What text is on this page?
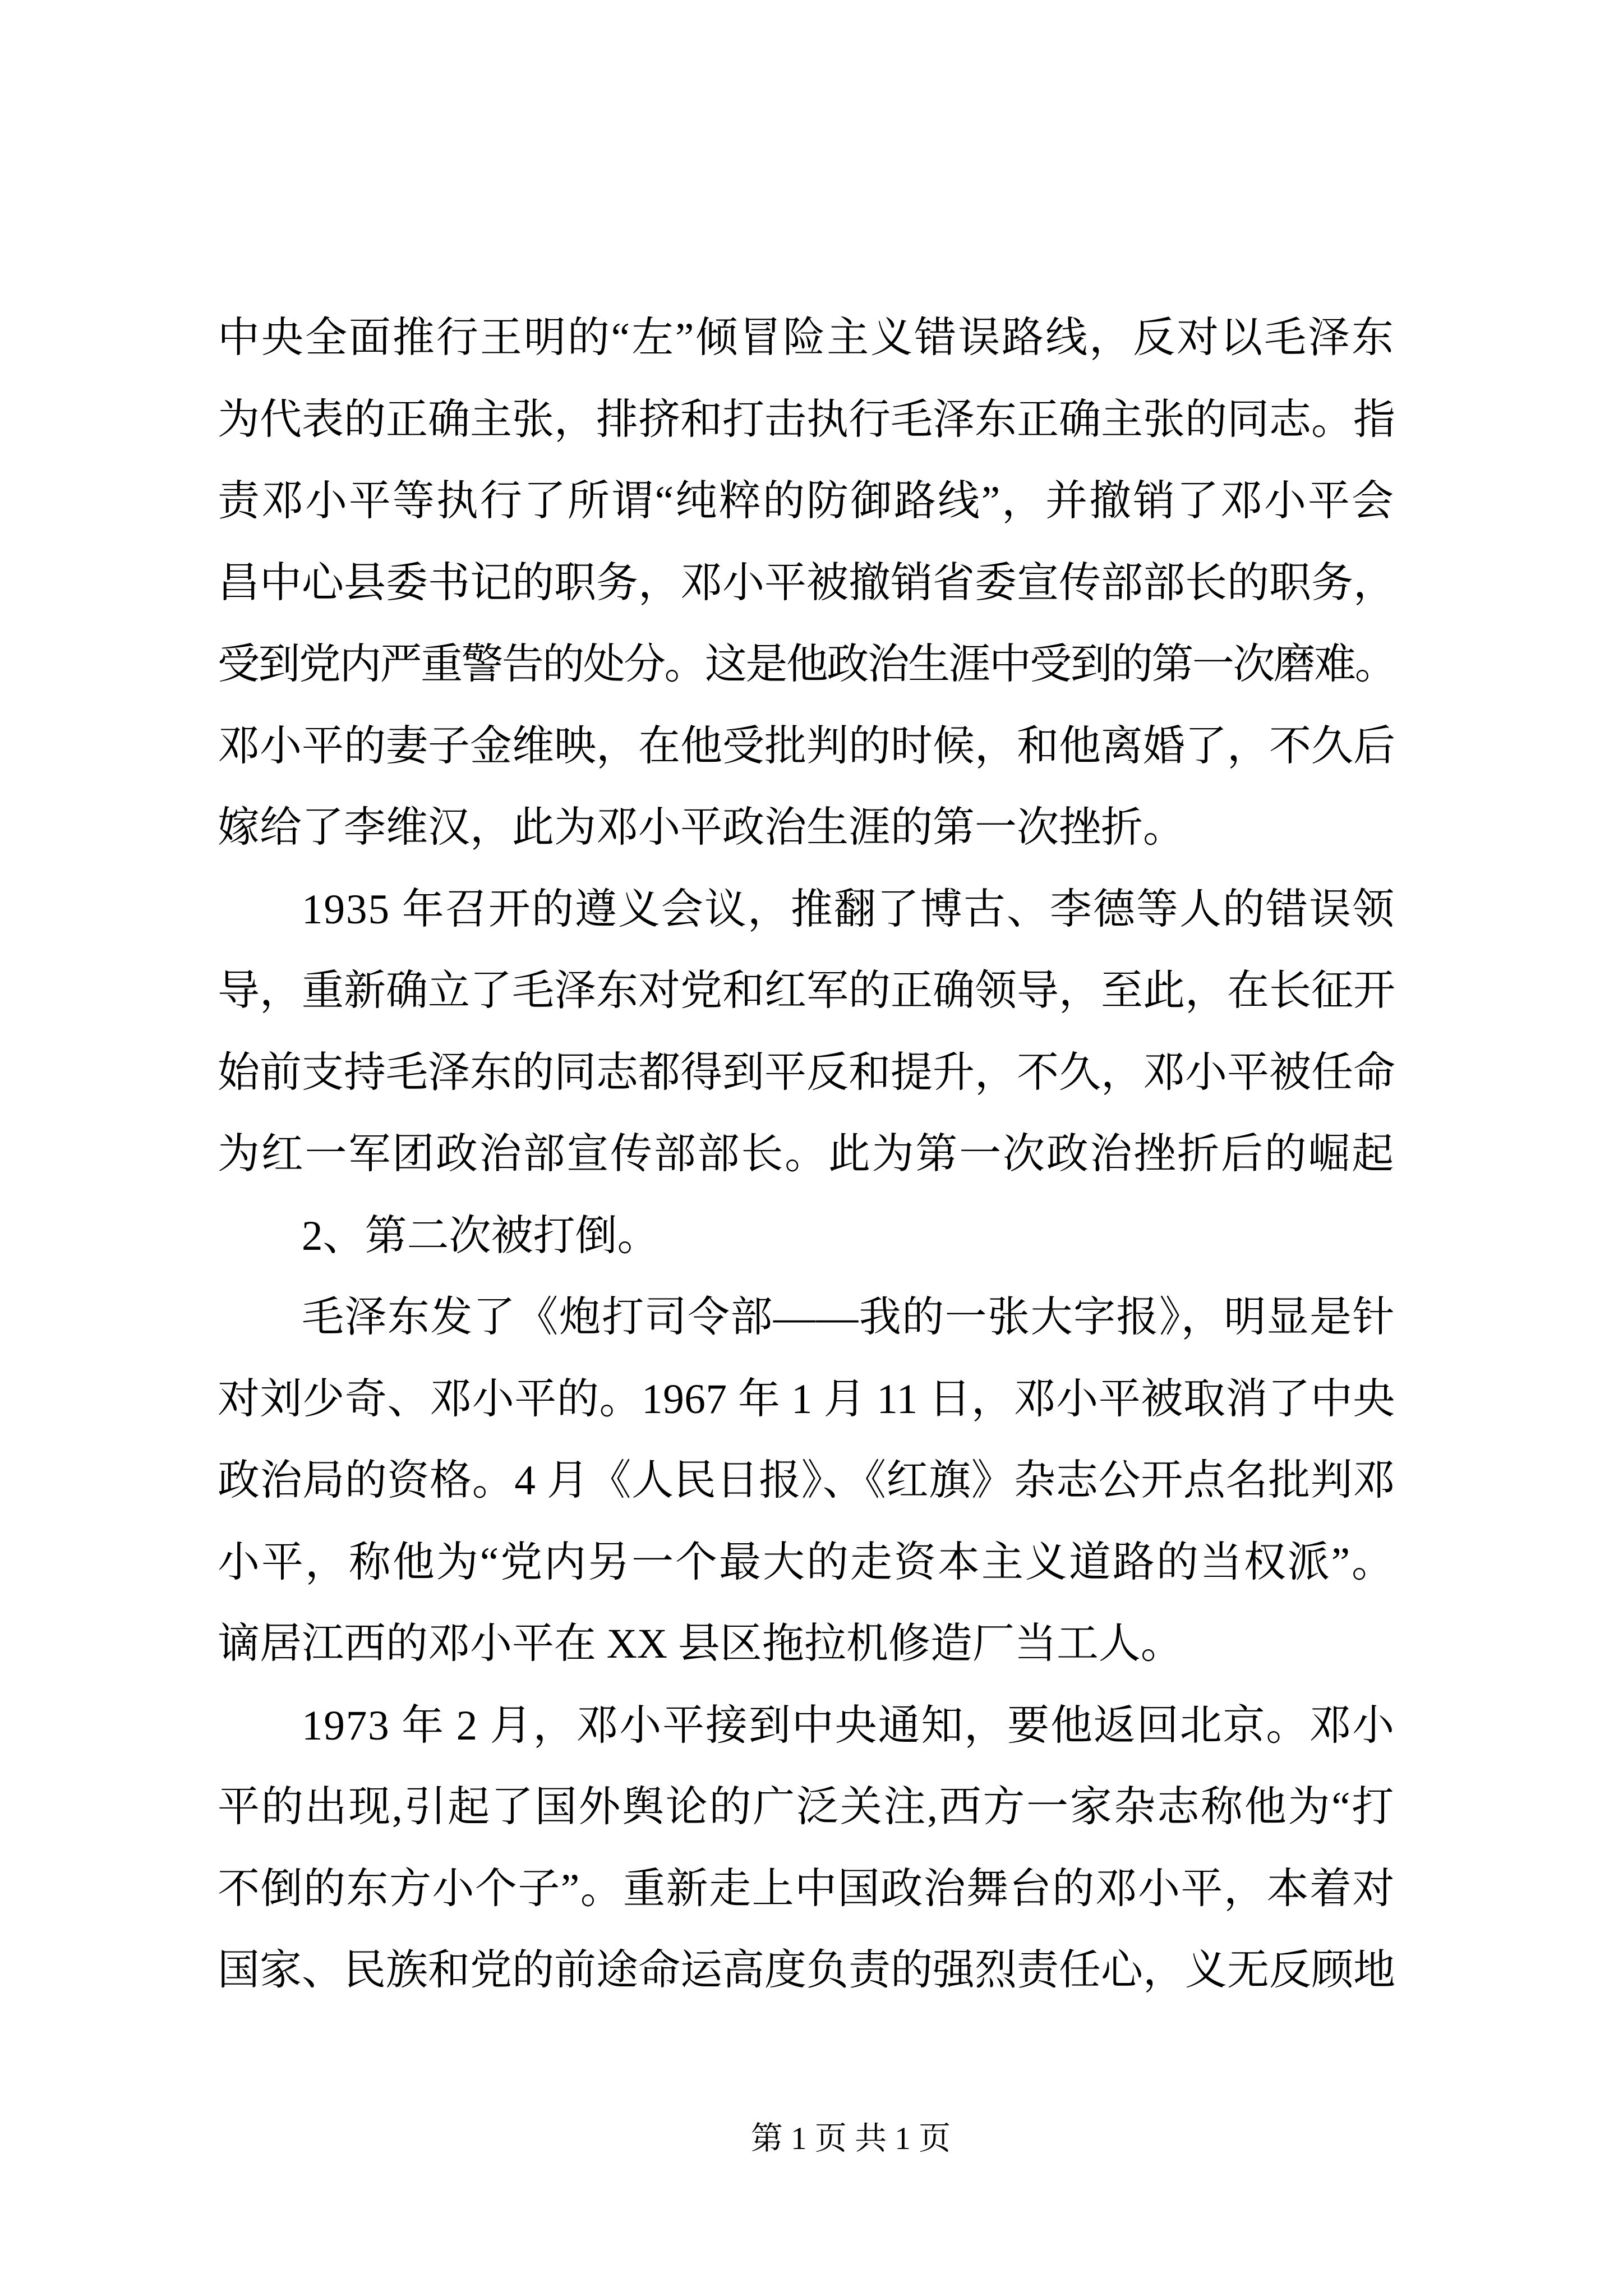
中央全面推行王明的“左”倾冒险主义错误路线，反对以毛泽东
为代表的正确主张，排挤和打击执行毛泽东正确主张的同志。指
责邓小平等执行了所谓“纯粹的防御路线”，并撤销了邓小平会
昌中心县委书记的职务，邓小平被撤销省委宣传部部长的职务，
受到党内严重警告的处分。这是他政治生涯中受到的第一次磨难。
邓小平的妻子金维映，在他受批判的时候，和他离婚了，不久后
嫁给了李维汉，此为邓小平政治生涯的第一次挫折。
1935 年召开的遵义会议，推翻了博古、李德等人的错误领
导，重新确立了毛泽东对党和红军的正确领导，至此，在长征开
始前支持毛泽东的同志都得到平反和提升，不久，邓小平被任命
为红一军团政治部宣传部部长。此为第一次政治挫折后的崛起
2、第二次被打倒。
毛泽东发了《炮打司令部——我的一张大字报》，明显是针
对刘少奇、邓小平的。1967 年 1 月 11 日，邓小平被取消了中央
政治局的资格。4 月《人民日报》、《红旗》杂志公开点名批判邓
小平，称他为“党内另一个最大的走资本主义道路的当权派”。
谪居江西的邓小平在 XX 县区拖拉机修造厂当工人。
1973 年 2 月，邓小平接到中央通知，要他返回北京。邓小
平的出现,引起了国外舆论的广泛关注,西方一家杂志称他为“打
不倒的东方小个子”。重新走上中国政治舞台的邓小平，本着对
国家、民族和党的前途命运高度负责的强烈责任心，义无反顾地
第 1 页 共 1 页
